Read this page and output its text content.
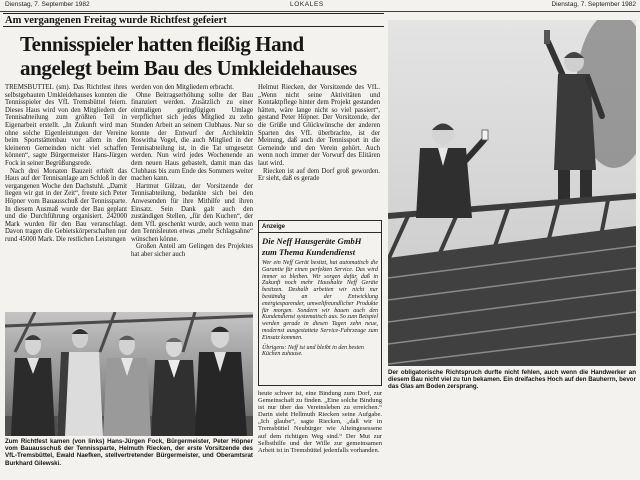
Dienstag, 7. September 1982	LOKALES	Dienstag, 7. September 1982
Am vergangenen Freitag wurde Richtfest gefeiert
Tennisspieler hatten fleißig Hand
angelegt beim Bau des Umkleidehauses

TREMSBÜTTEL (sm). Das Richtfest ihres selbstgebauten Umkleidehauses konnten die Tennisspieler des VfL Tremsbüttel feiern. Dieses Haus wird von den Mitgliedern der Tennisabteilung zum größten Teil in Eigenarbeit erstellt. „In Zukunft wird man ohne solche Eigenleistungen der Vereine beim Sportstättenbau vor allem in den kleineren Gemeinden nicht viel schaffen können“, sagte Bürgermeister Hans-Jürgen Fock in seiner Begrüßungsrede.

Nach drei Monaten Bauzeit erhielt das Haus auf der Tennisanlage am Schloß in der vergangenen Woche den Dachstuhl. „Damit liegen wir gut in der Zeit“, freute sich Peter Höpner vom Bauausschuß der Tennissparte. In diesem Ausmaß wurde der Bau geplant und die Durchführung organisiert. 242000 Mark wurden für den Bau veranschlagt. Davon tragen die Gebietskörperschaften nur rund 45000 Mark. Die restlichen Leistungen

werden von den Mitgliedern erbracht.

Ohne Beitragserhöhung sollte der Bau finanziert werden. Zusätzlich zu einer einmaligen geringfügigen Umlage verpflichtet sich jedes Mitglied zu zehn Stunden Arbeit an seinem Clubhaus. Nur so konnte der Entwurf der Architektin Roswitha Vogel, die auch Mitglied in der Tennisabteilung ist, in die Tat umgesetzt werden. Nun wird jedes Wochenende an dem neuen Haus gebastelt, damit man das Clubhaus bis zum Ende des Sommers weiter machen kann.

Hartmut Gülzau, der Vorsitzende der Tennisabteilung, bedankte sich bei den Anwesenden für ihre Mithilfe und ihren Einsatz. Sein Dank galt auch den zuständigen Stellen, „für den Kuchen“, der dem VfL geschenkt wurde, auch wenn man den Tennisleuten etwas „mehr Schlagsahne“ wünschen könne.

Großen Anteil am Gelingen des Projektes hat aber sicher auch

Helmut Riecken, der Vorsitzende des VfL. „Wenn nicht seine Aktivitäten und Kontaktpflege hinter dem Projekt gestanden hätten, wäre lange nicht so viel passiert“, gestand Peter Höpner. Der Vorsitzende, der die Grüße und Glückwünsche der anderen Sparten des VfL überbrachte, ist der Meinung, daß auch der Tennissport in die Gemeinde und den Verein gehört. Auch wenn noch immer der Vorwurf des Elitären laut wird.

Riecken ist auf dem Dorf groß geworden. Er sieht, daß es gerade

Anzeige
Die Neff Hausgeräte GmbH
zum Thema Kundendienst
Wer ein Neff Gerät besitzt, hat automatisch die Garantie für einen perfekten Service. Das wird immer so bleiben. Wir sorgen dafür, daß in Zukunft noch mehr Haushalte Neff Geräte besitzen. Deshalb arbeiten wir nicht nur beständig an der Entwicklung energiesparender, umweltfreundlicher Produkte für morgen. Sondern wir bauen auch den Kundendienst systematisch aus. So zum Beispiel werden gerade in diesen Tagen zehn neue, modernst ausgestattete Service-Fahrzeuge zum Einsatz kommen.
Übrigens: Neff ist und bleibt in den besten Küchen zuhause.

heute schwer ist, eine Bindung zum Dorf, zur Gemeinschaft zu finden. „Eine solche Bindung ist nur über das Vereinsleben zu erreichen.“ Darin sieht Hellmuth Riecken seine Aufgabe. „Ich glaube“, sagte Riecken, „daß wir in Tremsbüttel Neubürger wie Alteingesessene auf dem richtigen Weg sind.“ Der Mut zur Selbsthilfe und der Wille zur gemeinsamen Arbeit ist in Tremsbüttel jedenfalls vorhanden.

Zum Richtfest kamen (von links) Hans-Jürgen Fock, Bürgermeister, Peter Höpner vom Bauausschuß der Tennissparte, Helmuth Riecken, der erste Vorsitzende des VfL-Tremsbüttel, Ewald Naefken, stellvertretender Bürgermeister, und Oberamtsrat Burkhard Gilewski.
Der obligatorische Richtspruch durfte nicht fehlen, auch wenn die Handwerker an diesem Bau nicht viel zu tun bekamen. Ein dreifaches Hoch auf den Bauherrn, bevor das Glas am Boden zersprang.
